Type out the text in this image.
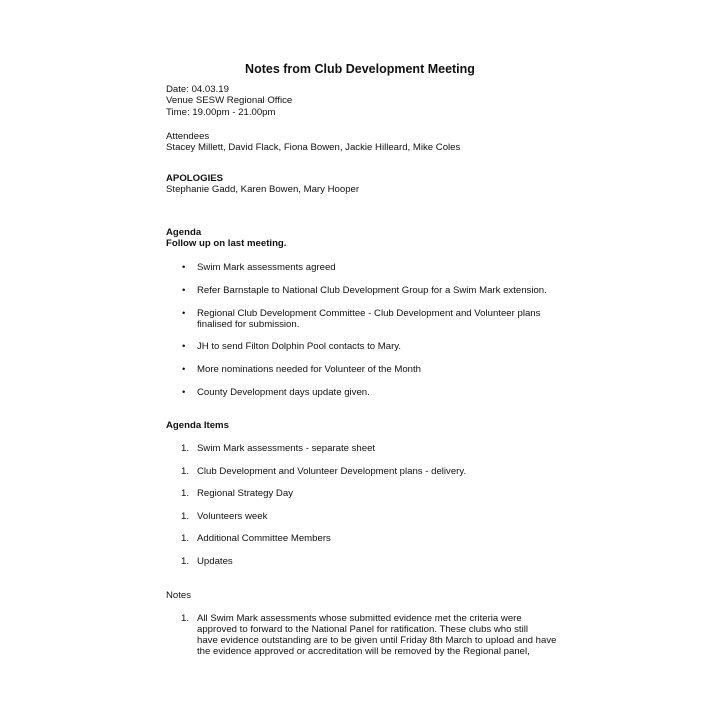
Notes from Club Development Meeting
Date: 04.03.19
Venue SESW Regional Office
Time: 19.00pm - 21.00pm
Attendees
Stacey Millett, David Flack, Fiona Bowen, Jackie Hilleard, Mike Coles
APOLOGIES
Stephanie Gadd, Karen Bowen, Mary Hooper
Agenda
Follow up on last meeting.
•	Swim Mark assessments agreed
•	Refer Barnstaple to National Club Development Group for a Swim Mark extension.
•	Regional Club Development Committee - Club Development and Volunteer plans
finalised for submission.
•	JH to send Filton Dolphin Pool contacts to Mary.
•	More nominations needed for Volunteer of the Month
•	County Development days update given.
Agenda Items
1. Swim Mark assessments - separate sheet
1. Club Development and Volunteer Development plans - delivery.
1. Regional Strategy Day
1. Volunteers week
1. Additional Committee Members
1. Updates
Notes
1. All Swim Mark assessments whose submitted evidence met the criteria were
approved to forward to the National Panel for ratification. These clubs who still
have evidence outstanding are to be given until Friday 8th March to upload and have
the evidence approved or accreditation will be removed by the Regional panel,
